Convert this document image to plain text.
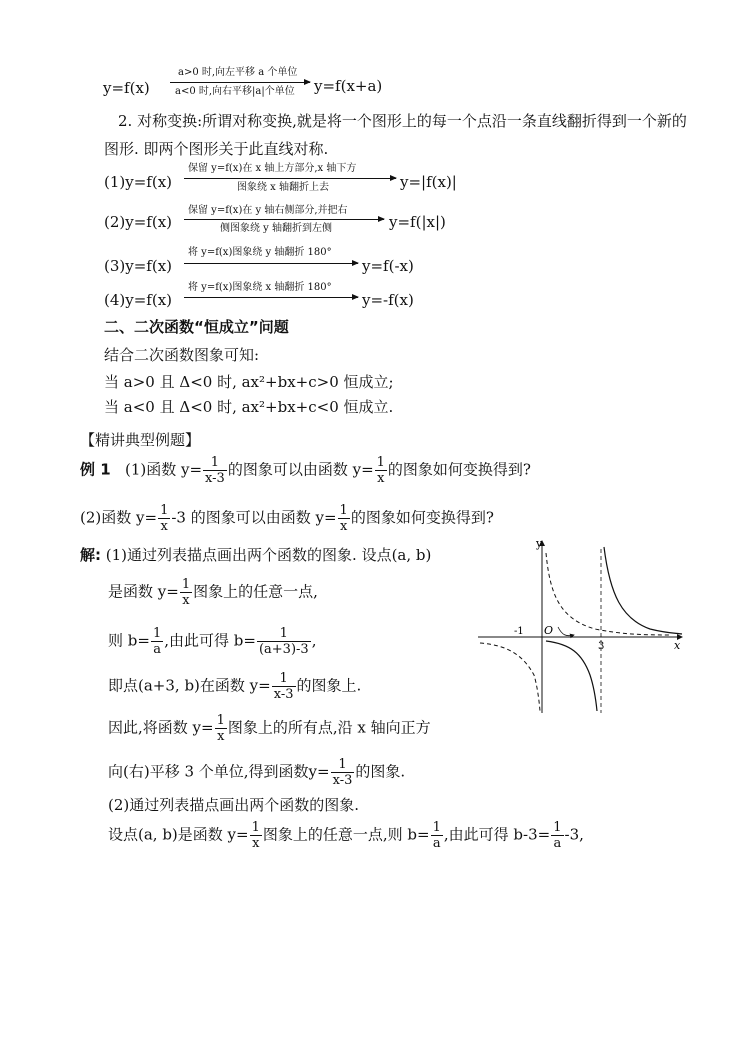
y=f(x)
a>0 时,向左平移 a 个单位
a<0 时,向右平移|a|个单位 y=f(x+a)
2. 对称变换:所谓对称变换,就是将一个图形上的每一个点沿一条直线翻折得到一个新的
图形. 即两个图形关于此直线对称.
(1)y=f(x)
保留 y=f(x)在 x 轴上方部分,x 轴下方
图象绕 x 轴翻折上去	y=|f(x)|
(2)y=f(x)
保留 y=f(x)在 y 轴右侧部分,并把右
侧图象绕 y 轴翻折到左侧	y=f(|x|)
(3)y=f(x)
将 y=f(x)图象绕 y 轴翻折 180°
y=f(-x)
(4)y=f(x)
将 y=f(x)图象绕 x 轴翻折 180°
y=-f(x)
二、二次函数“恒成立”问题
结合二次函数图象可知:
当 a>0 且 Δ<0 时, ax²+bx+c>0 恒成立;
当 a<0 且 Δ<0 时, ax²+bx+c<0 恒成立.
【精讲典型例题】
例 1 (1)函数 $y= \frac{1}{x-3}$ 的图象可以由函数 $y= \frac{1}{x}$ 的图象如何变换得到?
(2)函数 $y= \frac{1}{x} -3$ 的图象可以由函数 $y= \frac{1}{x}$ 的图象如何变换得到?
解: (1)通过列表描点画出两个函数的图象. 设点(a, b)
是函数 $y= \frac{1}{x}$ 图象上的任意一点,
则 $b= \frac{1}{a}$ ,由此可得 $b= \frac{1}{(a+3)-3}$ ,
即点(a+3, b)在函数 $y= \frac{1}{x-3}$ 的图象上.
因此,将函数 $y= \frac{1}{x}$ 图象上的所有点,沿 x 轴向正方
向(右)平移 3 个单位,得到函数$y= \frac{1}{x-3}$ 的图象.
(2)通过列表描点画出两个函数的图象.
设点(a, b)是函数 $y= \frac{1}{x}$ 图象上的任意一点,则 $b= \frac{1}{a}$ ,由此可得 $b-3= \frac{1}{a} -3$,
y
x
O
-1
3
